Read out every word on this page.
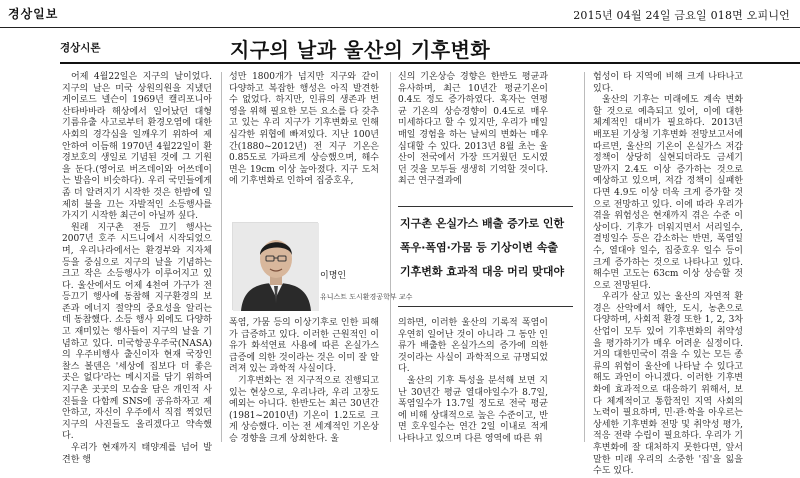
경상일보	2015년 04월 24일 금요일 018면 오피니언
경상시론	지구의 날과 울산의 기후변화

어제 4월22일은 지구의 날이었다. 지구의 날은 미국 상원의원을 지냈던 게이로드 넬슨이 1969년 캘리포니아 산타바바라 해상에서 일어났던 대형 기름유출 사고로부터 환경오염에 대한 사회의 경각심을 일깨우기 위하여 제안하여 이듬해 1970년 4월22일이 환경보호의 생일로 기념된 것에 그 기원을 둔다.(영어로 버즈데이와 어쓰데이는 발음이 비슷하다). 우리 국민들에게 좀 더 알려지기 시작한 것은 한밤에 일제히 불을 끄는 자발적인 소등행사를 가지기 시작한 최근이 아닐까 싶다.

원래 지구촌 전등 끄기 행사는 2007년 호주 시드니에서 시작되었으며, 우리나라에서는 환경부와 지자체 등을 중심으로 지구의 날을 기념하는 크고 작은 소등행사가 이루어지고 있다. 울산에서도 어제 4천여 가구가 전등끄기 행사에 동참해 지구환경의 보존과 에너지 절약의 중요성을 알리는데 동참했다. 소등 행사 외에도 다양하고 재미있는 행사들이 지구의 날을 기념하고 있다. 미국항공우주국(NASA)의 우주비행사 출신이자 현재 국장인 찰스 볼덴은 '세상에 집보다 더 좋은 곳은 없다'라는 메시지를 담기 위하여 지구촌 곳곳의 모습을 담은 개인적 사진들을 다함께 SNS에 공유하자고 제안하고, 자신이 우주에서 직접 찍었던 지구의 사진들도 올리겠다고 약속했다.

우리가 현재까지 태양계를 넘어 발견한 행

성만 1800개가 넘지만 지구와 같이 다양하고 복잡한 행성은 아직 발견한 수 없었다. 하지만, 인류의 생존과 번영을 위해 필요한 모든 요소를 다 갖추고 있는 우리 지구가 기후변화로 인해 심각한 위협에 빠져있다. 지난 100년간(1880~2012년) 전 지구 기온은 0.85도로 가파르게 상승했으며, 해수면은 19cm 이상 높아졌다. 지구 도처에 기후변화로 인하여 집중호우,

신의 기온상승 경향은 한반도 평균과 유사하며, 최근 10년간 평균기온이 0.4도 정도 증가하였다. 혹자는 연평균 기온의 상승경향이 0.4도로 매우 미세하다고 할 수 있지만, 우리가 매일 매일 경험을 하는 날씨의 변화는 매우 심대할 수 있다. 2013년 8월 초는 울산이 전국에서 가장 뜨거웠던 도시였던 것을 모두들 생생히 기억할 것이다. 최근 연구결과에

지구촌 온실가스 배출 증가로 인한
폭우·폭염·가뭄 등 기상이변 속출
기후변화 효과적 대응 머리 맞대야
이명인
유니스트 도시환경공학부 교수

폭염, 가뭄 등의 이상기후로 인한 피해가 급증하고 있다. 이러한 근원적인 이유가 화석연료 사용에 따른 온실가스 급증에 의한 것이라는 것은 이미 잘 알려져 있는 과학적 사실이다.

기후변화는 전 지구적으로 진행되고 있는 현상으로, 우리나라, 우리 고장도 예외는 아니다. 한반도는 최근 30년간(1981~2010년) 기온이 1.2도로 크게 상승했다. 이는 전 세계적인 기온상승 경향을 크게 상회한다. 울

의하면, 이러한 울산의 기록적 폭염이 우연히 일어난 것이 아니라 그 동안 인류가 배출한 온실가스의 증가에 의한 것이라는 사실이 과학적으로 규명되었다.

울산의 기후 특성을 분석해 보면 지난 30년간 평균 열대야일수가 8.7일, 폭염일수가 13.7일 정도로 전국 평균에 비해 상대적으로 높은 수준이고, 반면 호우일수는 연간 2일 이내로 적게 나타나고 있으며 다른 영역에 따른 위

험성이 타 지역에 비해 크게 나타나고 있다.

울산의 기후는 미래에도 계속 변화할 것으로 예측되고 있어, 이에 대한 체계적인 대비가 필요하다. 2013년 배포된 기상청 기후변화 전망보고서에 따르면, 울산의 기온이 온실가스 저감정책이 상당히 실현되더라도 금세기 말까지 2.4도 이상 증가하는 것으로 예상하고 있으며, 저감 정책이 실패한다면 4.9도 이상 더욱 크게 증가할 것으로 전망하고 있다. 이에 따라 우리가 겪을 위험성은 현재까지 겪은 수준 이상이다. 기후가 더워지면서 서리일수, 결빙일수 등은 감소하는 반면, 폭염일수, 열대야 일수, 집중호우 일수 등이 크게 증가하는 것으로 나타나고 있다. 해수면 고도는 63cm 이상 상승할 것으로 전망된다.

우리가 살고 있는 울산의 자연적 환경은 산악에서 해안, 도시, 농촌으로 다양하며, 사회적 환경 또한 1, 2, 3차 산업이 모두 있어 기후변화의 취약성을 평가하기가 매우 어려운 실정이다. 거의 대한민국이 겪을 수 있는 모든 종류의 위험이 울산에 나타날 수 있다고 해도 과언이 아니겠다. 이러한 기후변화에 효과적으로 대응하기 위해서, 보다 체계적이고 통합적인 지역 사회의 노력이 필요하며, 민·관·학을 아우르는 상세한 기후변화 전망 및 취약성 평가, 적응 전략 수립이 필요하다. 우리가 기후변화에 잘 대처하지 못한다면, 앞서 말한 미래 우리의 소중한 '집'을 잃을 수도 있다.
